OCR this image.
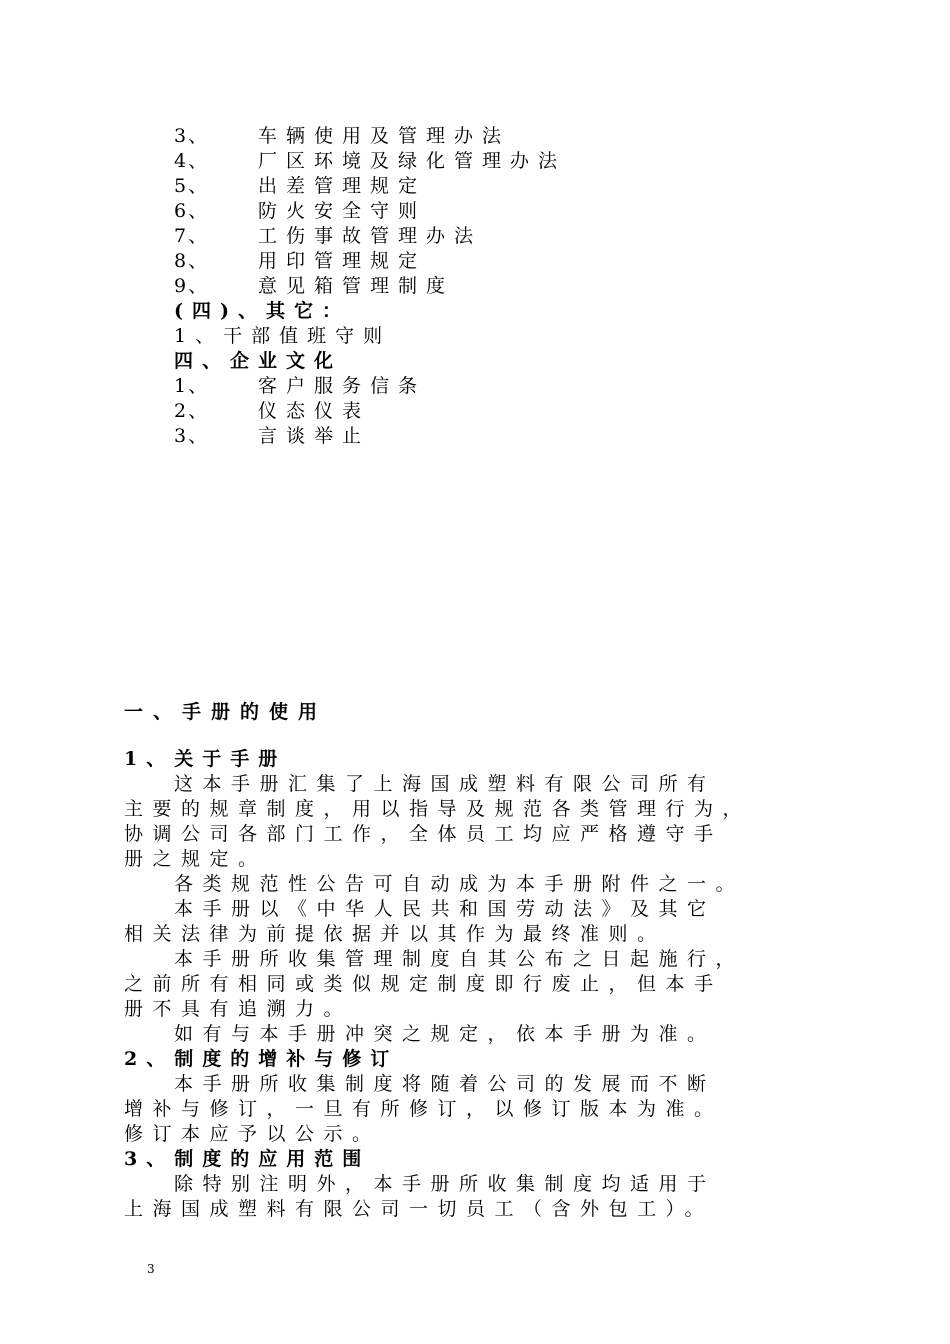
3、	车辆使用及管理办法
4、	厂区环境及绿化管理办法
5、	出差管理规定
6、	防火安全守则
7、	工伤事故管理办法
8、	用印管理规定
9、	意见箱管理制度
(四)、其它：
1、干部值班守则
四、企业文化
1、	客户服务信条
2、	仪态仪表
3、	言谈举止
一、手册的使用
1、关于手册
这本手册汇集了上海国成塑料有限公司所有
主要的规章制度，用以指导及规范各类管理行为，
协调公司各部门工作，全体员工均应严格遵守手
册之规定。
各类规范性公告可自动成为本手册附件之一。
本手册以《中华人民共和国劳动法》及其它
相关法律为前提依据并以其作为最终准则。
本手册所收集管理制度自其公布之日起施行，
之前所有相同或类似规定制度即行废止，但本手
册不具有追溯力。
如有与本手册冲突之规定，依本手册为准。
2、制度的增补与修订
本手册所收集制度将随着公司的发展而不断
增补与修订，一旦有所修订，以修订版本为准。
修订本应予以公示。
3、制度的应用范围
除特别注明外，本手册所收集制度均适用于
上海国成塑料有限公司一切员工（含外包工）。
3
